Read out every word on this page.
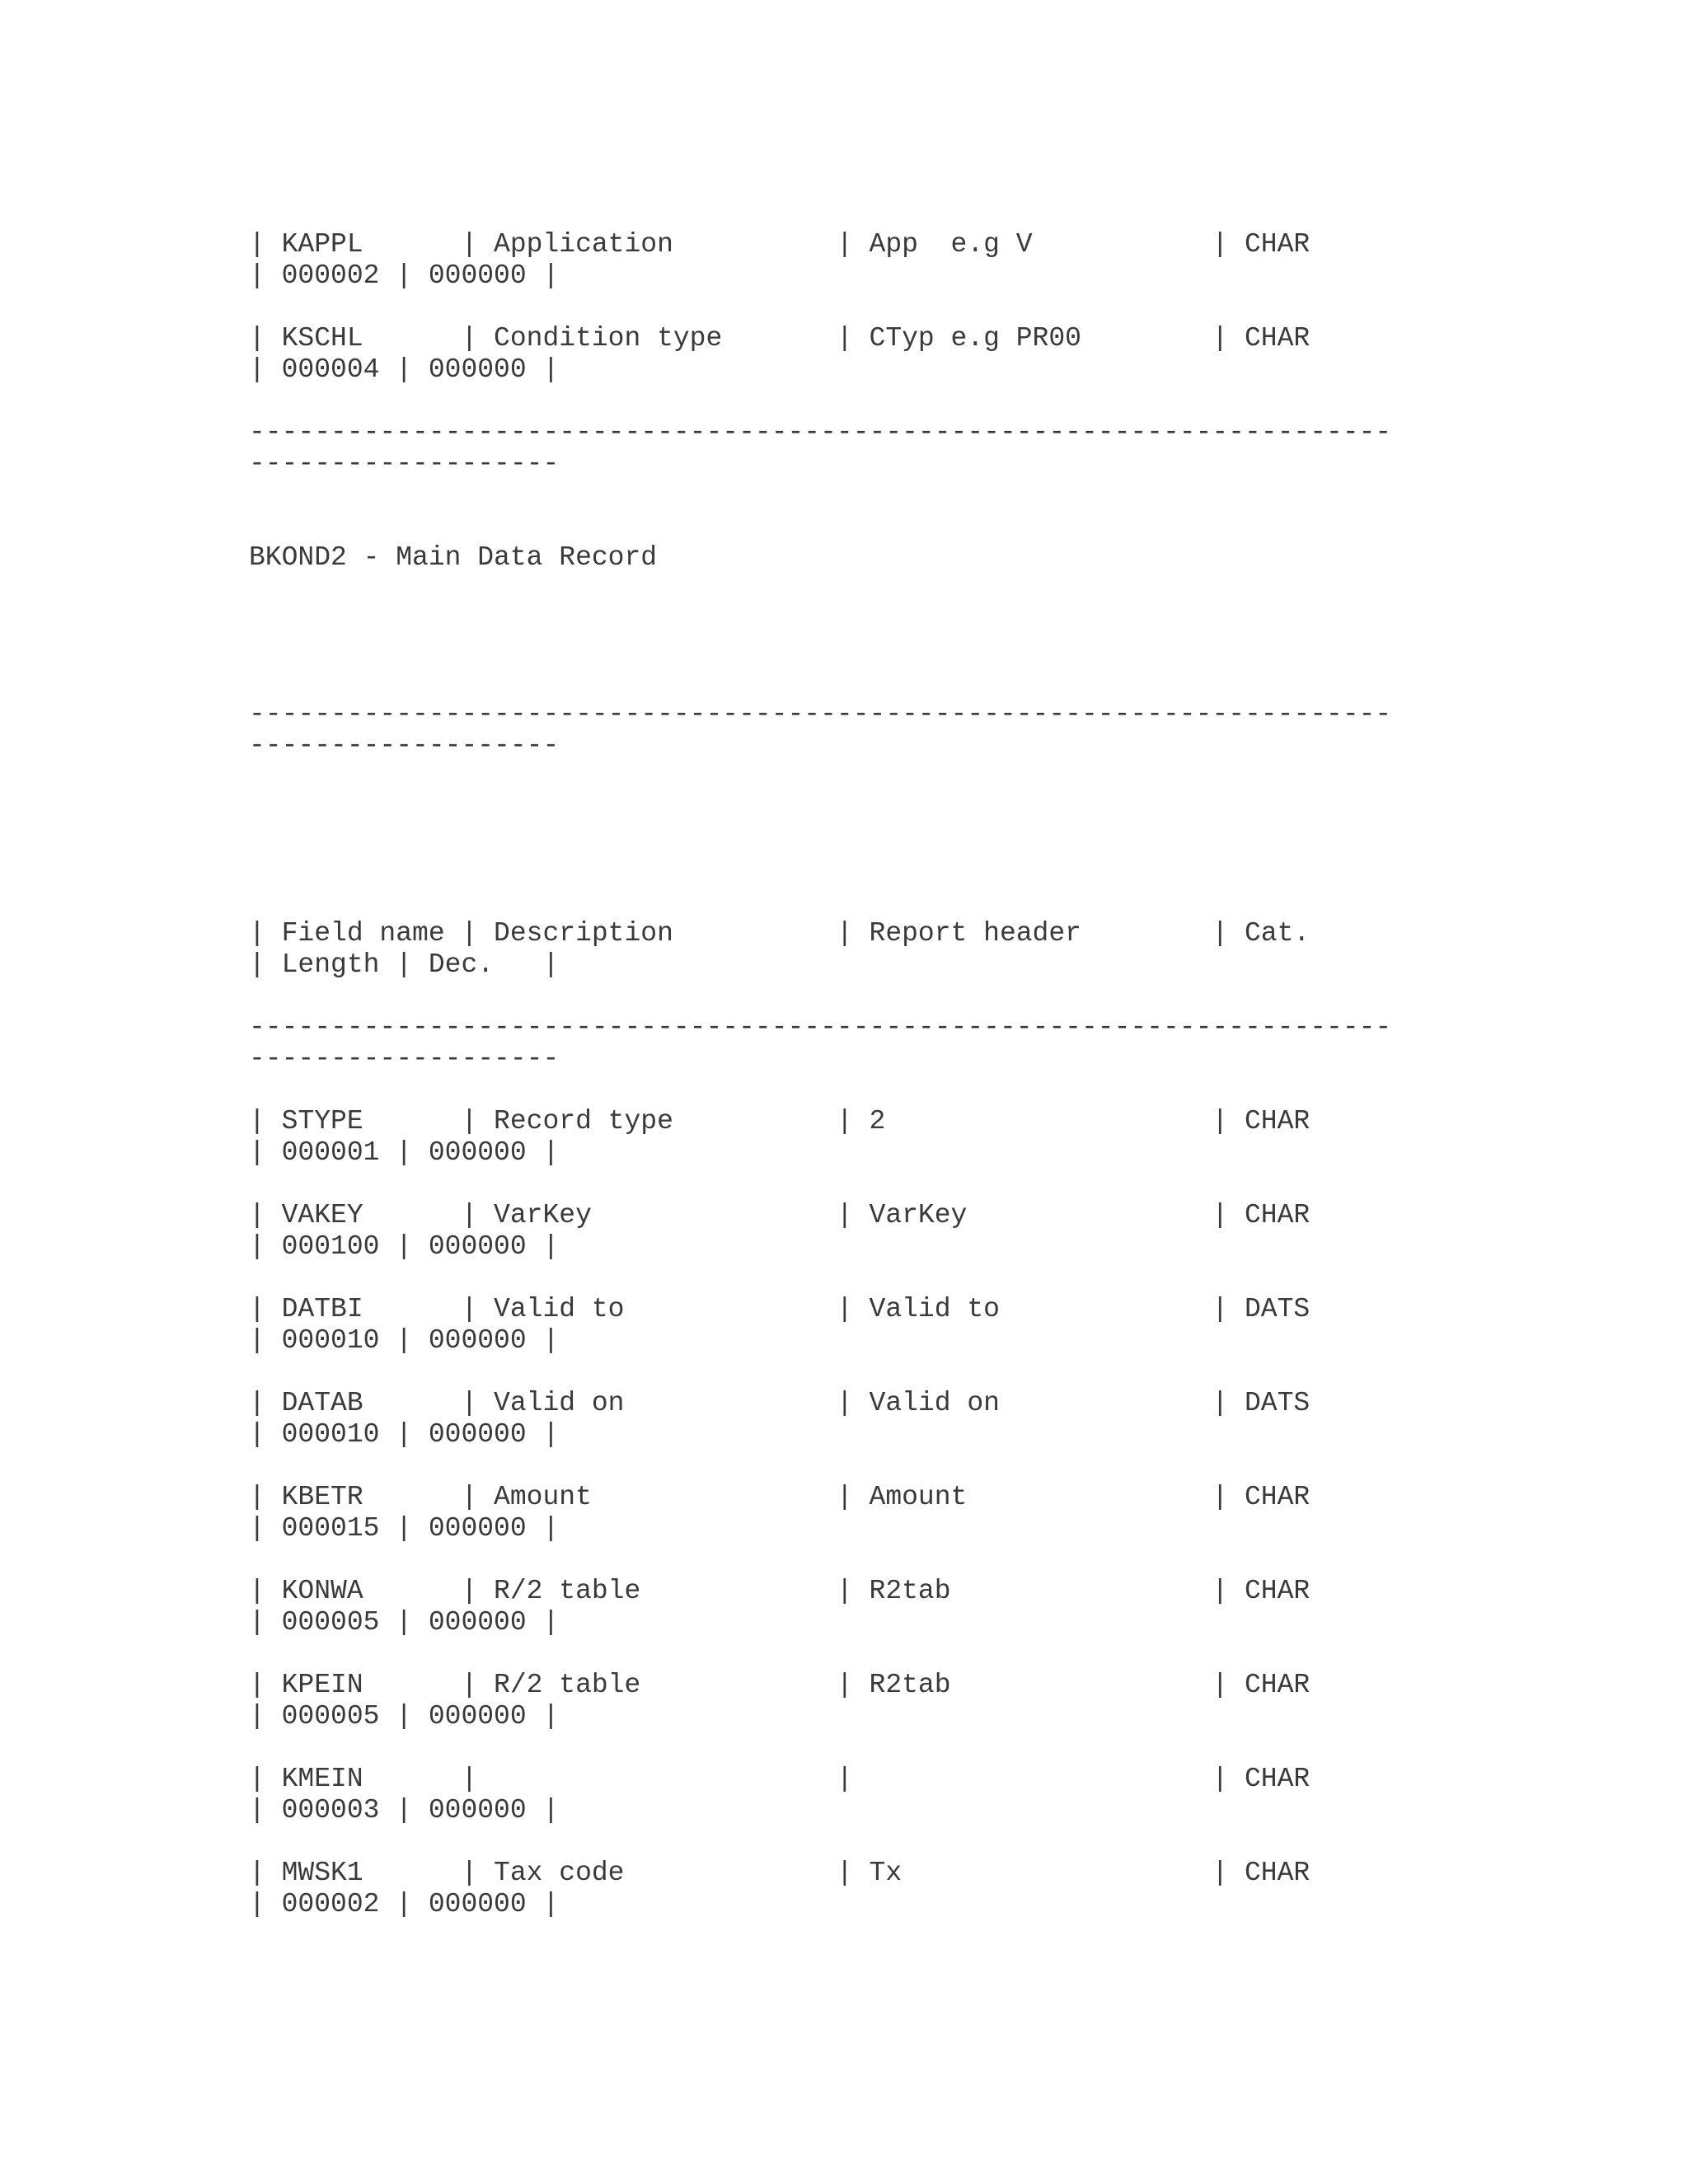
| KAPPL      | Application          | App  e.g V           | CHAR
| 000002 | 000000 |
| KSCHL      | Condition type       | CTyp e.g PR00        | CHAR
| 000004 | 000000 |
----------------------------------------------------------------------
-------------------
BKOND2 - Main Data Record
----------------------------------------------------------------------
-------------------
| Field name | Description          | Report header        | Cat.
| Length | Dec.   |
----------------------------------------------------------------------
-------------------
| STYPE      | Record type          | 2                    | CHAR
| 000001 | 000000 |
| VAKEY      | VarKey               | VarKey               | CHAR
| 000100 | 000000 |
| DATBI      | Valid to             | Valid to             | DATS
| 000010 | 000000 |
| DATAB      | Valid on             | Valid on             | DATS
| 000010 | 000000 |
| KBETR      | Amount               | Amount               | CHAR
| 000015 | 000000 |
| KONWA      | R/2 table            | R2tab                | CHAR
| 000005 | 000000 |
| KPEIN      | R/2 table            | R2tab                | CHAR
| 000005 | 000000 |
| KMEIN      |                      |                      | CHAR
| 000003 | 000000 |
| MWSK1      | Tax code             | Tx                   | CHAR
| 000002 | 000000 |
